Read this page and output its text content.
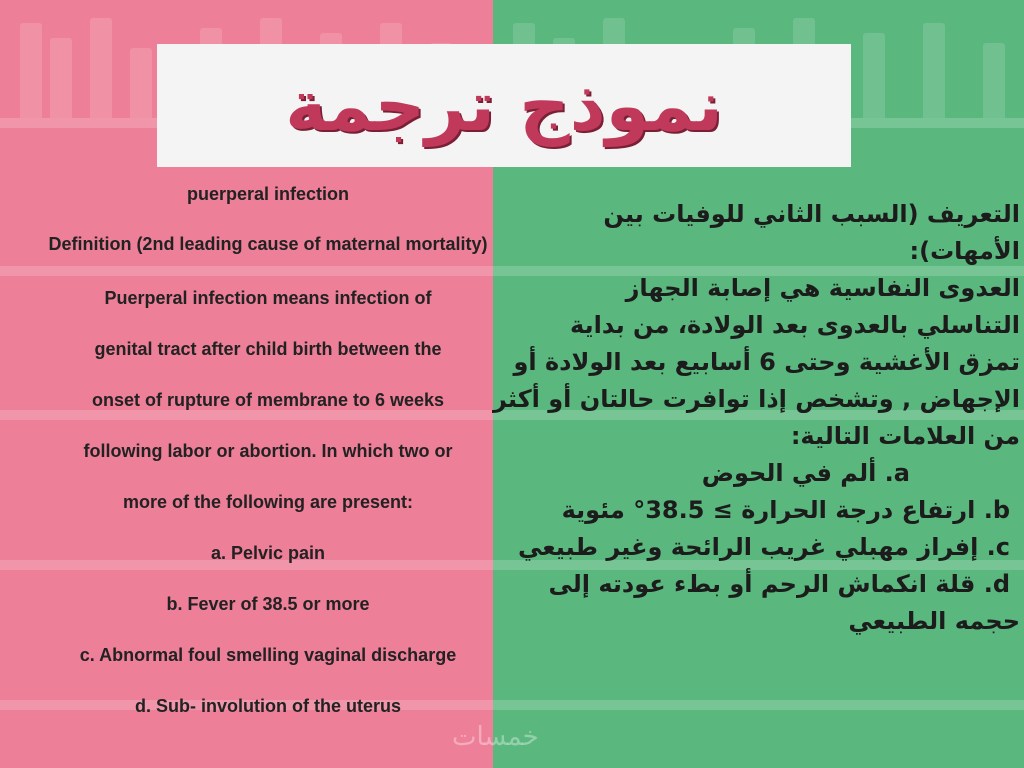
نموذج ترجمة

puerperal infection

Definition (2nd leading cause of maternal mortality)

Puerperal infection means infection of

genital tract after child birth between the

onset of rupture of membrane to 6 weeks

following labor or abortion. In which two or

more of the following are present:

a. Pelvic pain

b. Fever of 38.5 or more

c. Abnormal foul smelling vaginal discharge

d. Sub- involution of the uterus

التعريف (السبب الثاني للوفيات بين

الأمهات):

العدوى النفاسية هي إصابة الجهاز

التناسلي بالعدوى بعد الولادة، من بداية

تمزق الأغشية وحتى 6 أسابيع بعد الولادة أو

الإجهاض , وتشخص إذا توافرت حالتان أو أكثر

من العلامات التالية:

a. ألم في الحوض

b. ارتفاع درجة الحرارة ≥ 38.5° مئوية

c. إفراز مهبلي غريب الرائحة وغير طبيعي

d. قلة انكماش الرحم أو بطء عودته إلى

حجمه الطبيعي

خمسات
